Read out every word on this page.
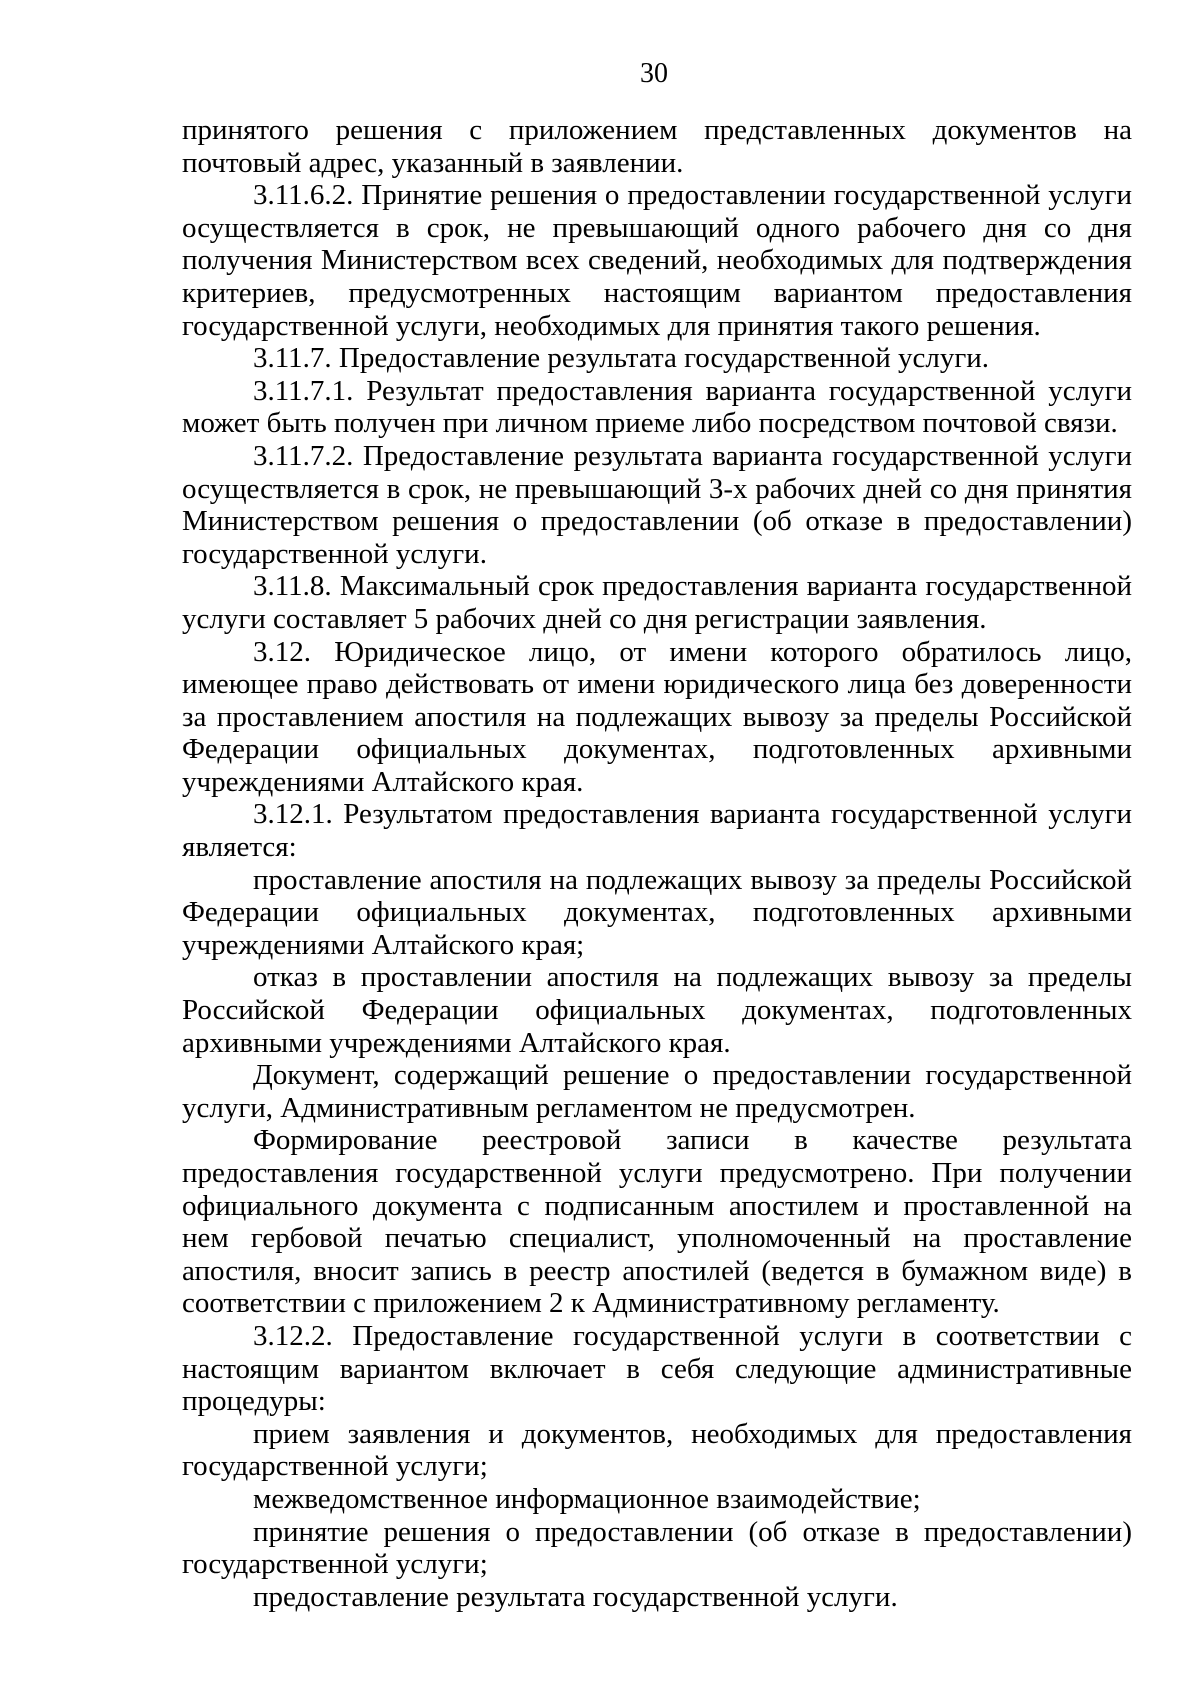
30

принятого решения с приложением представленных документов на почтовый адрес, указанный в заявлении.

3.11.6.2. Принятие решения о предоставлении государственной услуги осуществляется в срок, не превышающий одного рабочего дня со дня получения Министерством всех сведений, необходимых для подтверждения критериев, предусмотренных настоящим вариантом предоставления государственной услуги, необходимых для принятия такого решения.

3.11.7. Предоставление результата государственной услуги.

3.11.7.1. Результат предоставления варианта государственной услуги может быть получен при личном приеме либо посредством почтовой связи.

3.11.7.2. Предоставление результата варианта государственной услуги осуществляется в срок, не превышающий 3-х рабочих дней со дня принятия Министерством решения о предоставлении (об отказе в предоставлении) государственной услуги.

3.11.8. Максимальный срок предоставления варианта государственной услуги составляет 5 рабочих дней со дня регистрации заявления.

3.12. Юридическое лицо, от имени которого обратилось лицо, имеющее право действовать от имени юридического лица без доверенности за проставлением апостиля на подлежащих вывозу за пределы Российской Федерации официальных документах, подготовленных архивными учреждениями Алтайского края.

3.12.1. Результатом предоставления варианта государственной услуги является:

проставление апостиля на подлежащих вывозу за пределы Российской Федерации официальных документах, подготовленных архивными учреждениями Алтайского края;

отказ в проставлении апостиля на подлежащих вывозу за пределы Российской Федерации официальных документах, подготовленных архивными учреждениями Алтайского края.

Документ, содержащий решение о предоставлении государственной услуги, Административным регламентом не предусмотрен.

Формирование реестровой записи в качестве результата предоставления государственной услуги предусмотрено. При получении официального документа с подписанным апостилем и проставленной на нем гербовой печатью специалист, уполномоченный на проставление апостиля, вносит запись в реестр апостилей (ведется в бумажном виде) в соответствии с приложением 2 к Административному регламенту.

3.12.2. Предоставление государственной услуги в соответствии с настоящим вариантом включает в себя следующие административные процедуры:

прием заявления и документов, необходимых для предоставления государственной услуги;

межведомственное информационное взаимодействие;

принятие решения о предоставлении (об отказе в предоставлении) государственной услуги;

предоставление результата государственной услуги.
